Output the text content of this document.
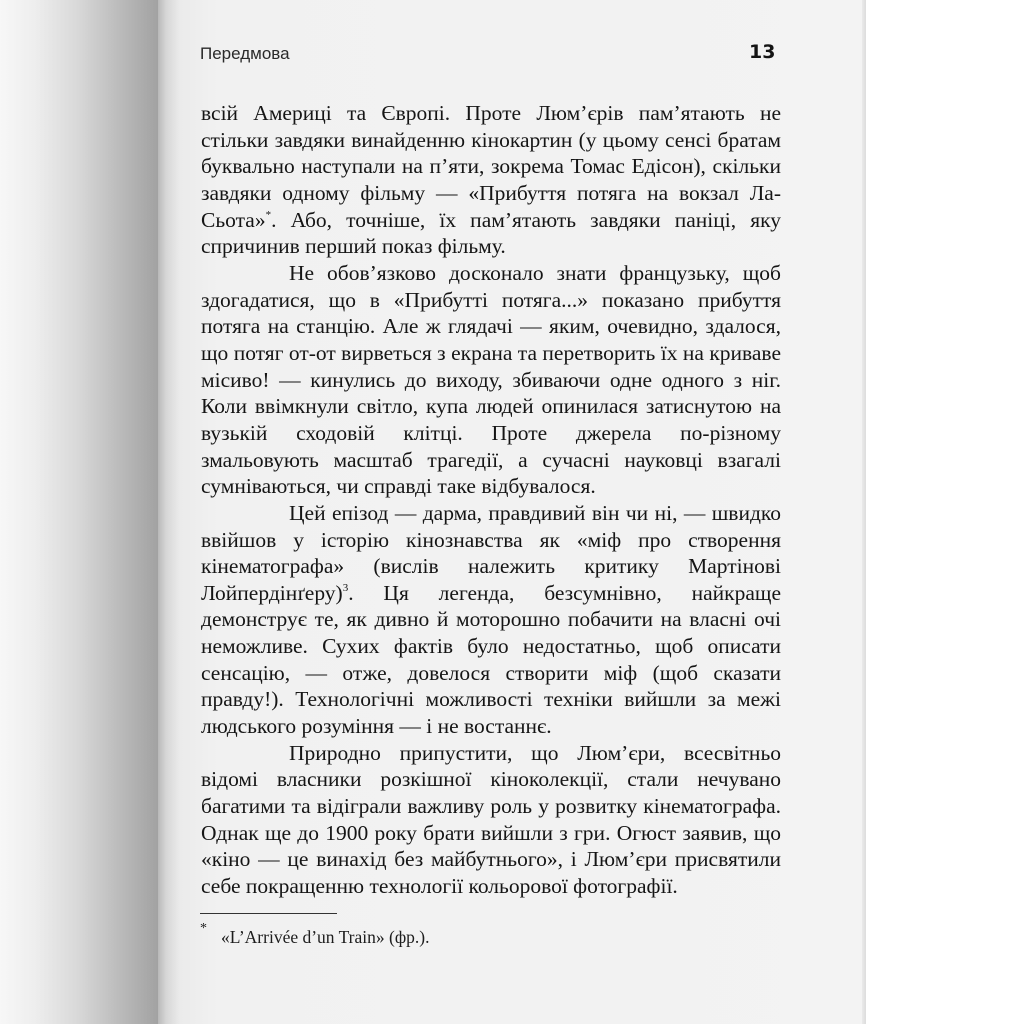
Передмова	13

всій Америці та Європі. Проте Люм’єрів пам’ятають не стільки завдяки винайденню кінокартин (у цьому сенсі братам буквально наступали на п’яти, зокрема Томас Едісон), скільки завдяки одному фільму — «Прибуття потяга на вокзал Ла-Сьота»*. Або, точніше, їх пам’ятають завдяки паніці, яку спричинив перший показ фільму.

Не обов’язково досконало знати французьку, щоб здогадатися, що в «Прибутті потяга...» показано прибуття потяга на станцію. Але ж глядачі — яким, очевидно, здалося, що потяг от-от вирветься з екрана та перетворить їх на криваве місиво! — кинулись до виходу, збиваючи одне одного з ніг. Коли ввімкнули світло, купа людей опинилася затиснутою на вузькій сходовій клітці. Проте джерела по-різному змальовують масштаб трагедії, а сучасні науковці взагалі сумніваються, чи справді таке відбувалося.

Цей епізод — дарма, правдивий він чи ні, — швидко ввійшов у історію кінознавства як «міф про створення кінематографа» (вислів належить критику Мартінові Лойпердінґеру)$^3$. Ця легенда, безсумнівно, найкраще демонструє те, як дивно й моторошно побачити на власні очі неможливе. Сухих фактів було недостатньо, щоб описати сенсацію, — отже, довелося створити міф (щоб сказати правду!). Технологічні можливості техніки вийшли за межі людського розуміння — і не востаннє.

Природно припустити, що Люм’єри, всесвітньо відомі власники розкішної кіноколекції, стали нечувано багатими та відіграли важливу роль у розвитку кінематографа. Однак ще до 1900 року брати вийшли з гри. Огюст заявив, що «кіно — це винахід без майбутнього», і Люм’єри присвятили себе покращенню технології кольорової фотографії.

* «L’Arrivée d’un Train» (фр.).
